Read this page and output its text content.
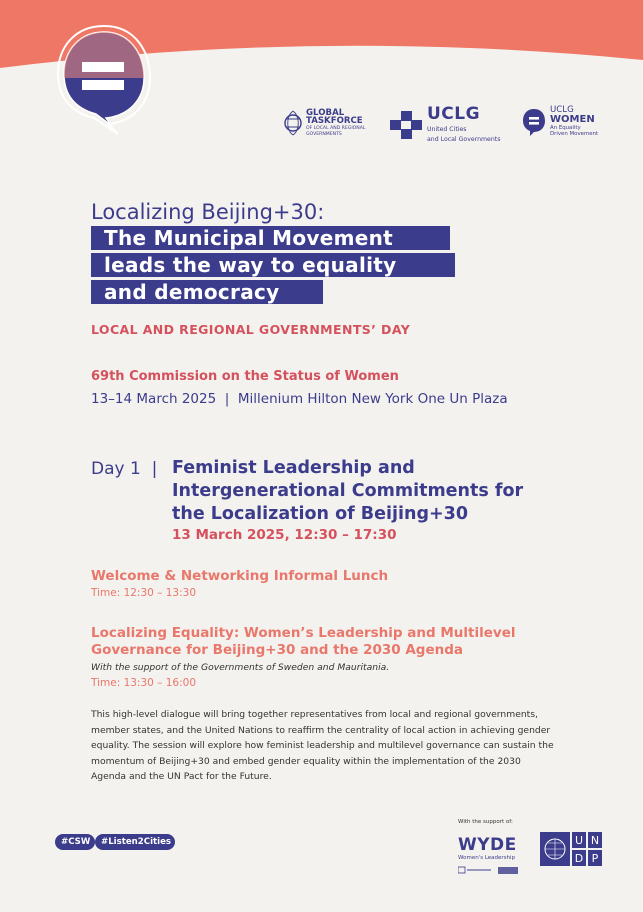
GLOBAL
TASKFORCE
OF LOCAL AND REGIONAL
GOVERNMENTS
UCLG
United Cities
and Local Governments
UCLG
WOMEN
An Equality
Driven Movement
Localizing Beijing+30:
The Municipal Movement
leads the way to equality
and democracy
LOCAL AND REGIONAL GOVERNMENTS’ DAY
69th Commission on the Status of Women
13–14 March 2025  |  Millenium Hilton New York One Un Plaza
Day 1  | Feminist Leadership and
Intergenerational Commitments for
the Localization of Beijing+30
13 March 2025, 12:30 – 17:30
Welcome & Networking Informal Lunch
Time: 12:30 – 13:30
Localizing Equality: Women’s Leadership and Multilevel
Governance for Beijing+30 and the 2030 Agenda
With the support of the Governments of Sweden and Mauritania.
Time: 13:30 – 16:00
This high-level dialogue will bring together representatives from local and regional governments, member states, and the United Nations to reaffirm the centrality of local action in achieving gender equality. The session will explore how feminist leadership and multilevel governance can sustain the momentum of Beijing+30 and embed gender equality within the implementation of the 2030 Agenda and the UN Pact for the Future.
#CSW	#Listen2Cities
With the support of:
WYDE
Women's Leadership
U N
D P
